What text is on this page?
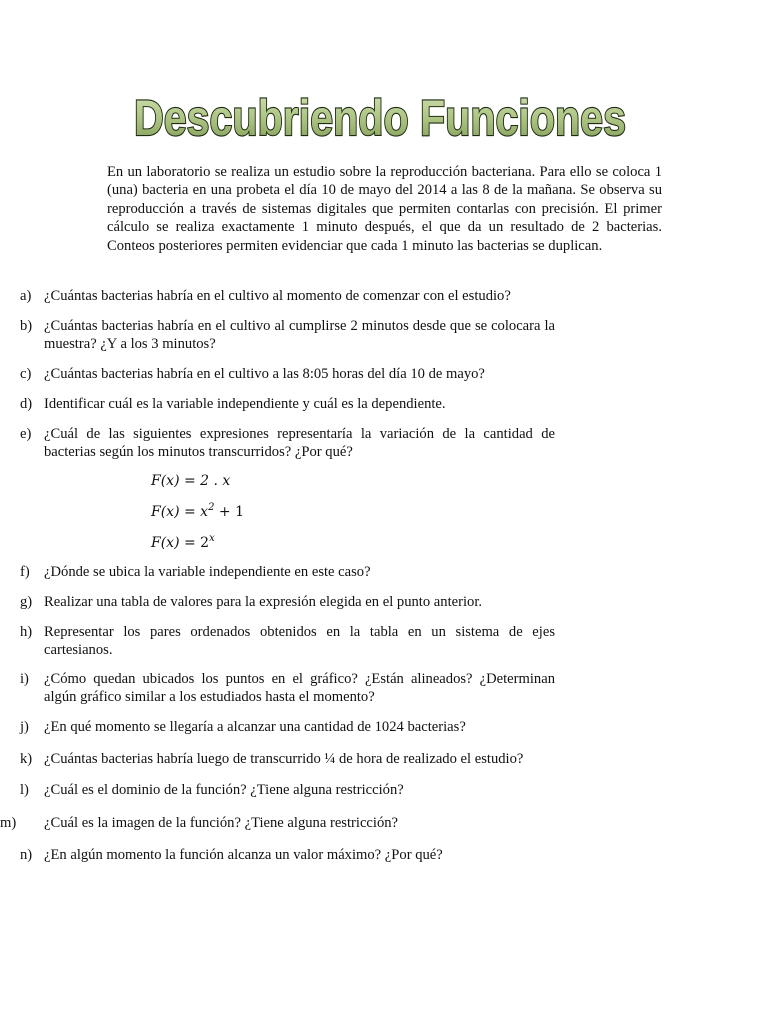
Descubriendo Funciones

En un laboratorio se realiza un estudio sobre la reproducción bacteriana. Para ello se coloca 1 (una) bacteria en una probeta el día 10 de mayo del 2014 a las 8 de la mañana. Se observa su reproducción a través de sistemas digitales que permiten contarlas con precisión. El primer cálculo se realiza exactamente 1 minuto después, el que da un resultado de 2 bacterias. Conteos posteriores permiten evidenciar que cada 1 minuto las bacterias se duplican.

a) ¿Cuántas bacterias habría en el cultivo al momento de comenzar con el estudio?
b) ¿Cuántas bacterias habría en el cultivo al cumplirse 2 minutos desde que se colocara la muestra? ¿Y a los 3 minutos?
c) ¿Cuántas bacterias habría en el cultivo a las 8:05 horas del día 10 de mayo?
d) Identificar cuál es la variable independiente y cuál es la dependiente.
e) ¿Cuál de las siguientes expresiones representaría la variación de la cantidad de bacterias según los minutos transcurridos? ¿Por qué?
F(x) = 2 . x
$F(x) = x^2 + 1$
$F(x) = 2^x$
f) ¿Dónde se ubica la variable independiente en este caso?
g) Realizar una tabla de valores para la expresión elegida en el punto anterior.
h) Representar los pares ordenados obtenidos en la tabla en un sistema de ejes cartesianos.
i) ¿Cómo quedan ubicados los puntos en el gráfico? ¿Están alineados? ¿Determinan algún gráfico similar a los estudiados hasta el momento?
j) ¿En qué momento se llegaría a alcanzar una cantidad de 1024 bacterias?
k) ¿Cuántas bacterias habría luego de transcurrido ¼ de hora de realizado el estudio?
l) ¿Cuál es el dominio de la función? ¿Tiene alguna restricción?
m) ¿Cuál es la imagen de la función? ¿Tiene alguna restricción?
n) ¿En algún momento la función alcanza un valor máximo? ¿Por qué?
